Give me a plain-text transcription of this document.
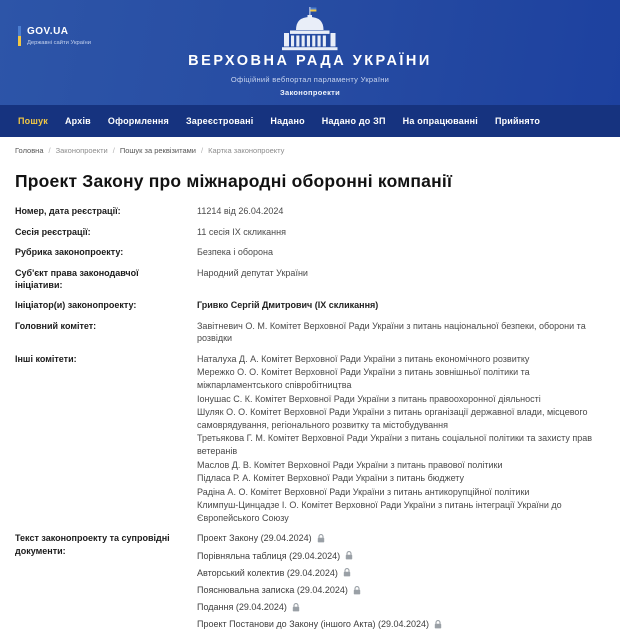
GOV.UA
Державні сайти України
ВЕРХОВНА РАДА УКРАЇНИ
Офіційний вебпортал парламенту України
Законопроекти
Пошук Архів Оформлення Зареєстровані Надано Надано до ЗП На опрацюванні Прийнято
Головна / Законопроекти / Пошук за реквізитами / Картка законопроекту
Проект Закону про міжнародні оборонні компанії
Номер, дата реєстрації:	11214 від 26.04.2024
Сесія реєстрації:	11 сесія IX скликання
Рубрика законопроекту:	Безпека і оборона
Суб'єкт права законодавчої ініціативи:
Народний депутат України
Ініціатор(и) законопроекту:	Гривко Сергій Дмитрович (ІХ скликання)
Головний комітет:	Завітневич О. М. Комітет Верховної Ради України з питань національної безпеки, оборони та розвідки
Інші комітети:	Наталуха Д. А. Комітет Верховної Ради України з питань економічного розвитку
Мережко О. О. Комітет Верховної Ради України з питань зовнішньої політики та міжпарламентського співробітництва
Іонушас С. К. Комітет Верховної Ради України з питань правоохоронної діяльності
Шуляк О. О. Комітет Верховної Ради України з питань організації державної влади, місцевого самоврядування, регіонального розвитку та містобудування
Третьякова Г. М. Комітет Верховної Ради України з питань соціальної політики та захисту прав ветеранів
Маслов Д. В. Комітет Верховної Ради України з питань правової політики
Підласа Р. А. Комітет Верховної Ради України з питань бюджету
Радіна А. О. Комітет Верховної Ради України з питань антикорупційної політики
Климпуш-Цинцадзе І. О. Комітет Верховної Ради України з питань інтеграції України до Європейського Союзу
Текст законопроекту та супровідні документи:
Проект Закону (29.04.2024)
Порівняльна таблиця (29.04.2024)
Авторський колектив (29.04.2024)
Пояснювальна записка (29.04.2024)
Подання (29.04.2024)
Проект Постанови до Закону (іншого Акта) (29.04.2024)
